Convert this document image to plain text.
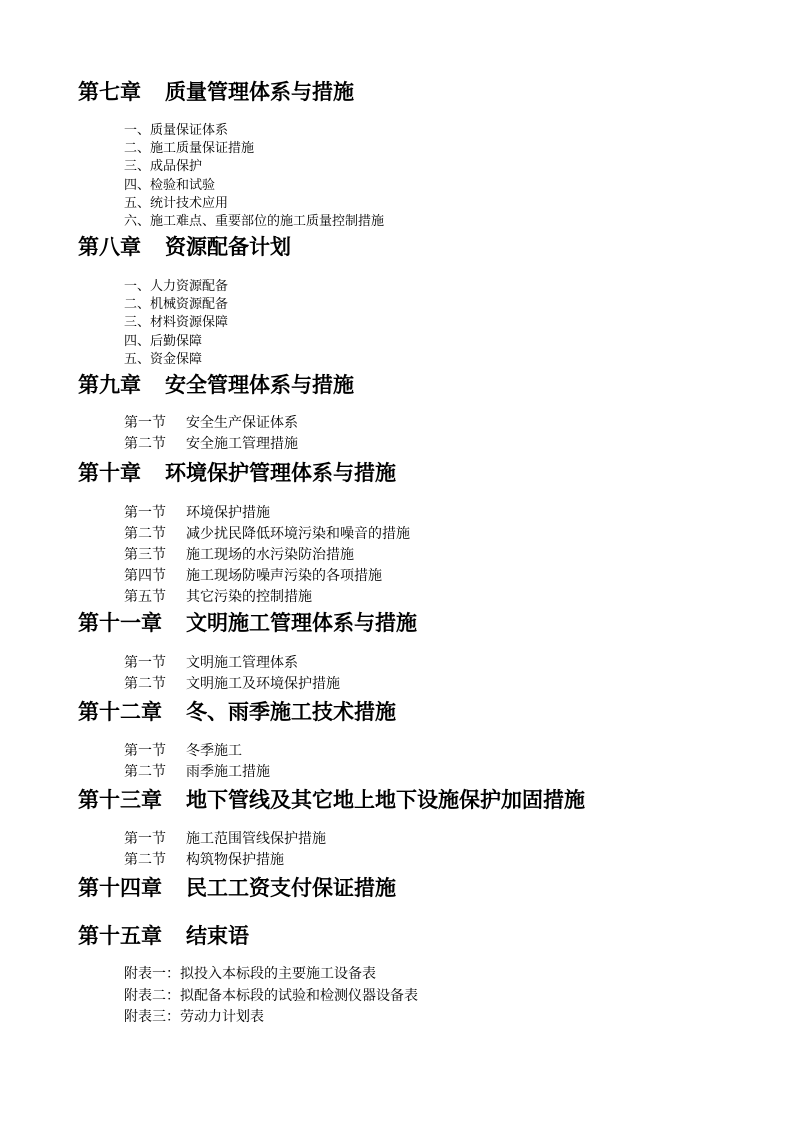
第七章 质量管理体系与措施
一、质量保证体系
二、施工质量保证措施
三、成品保护
四、检验和试验
五、统计技术应用
六、施工难点、重要部位的施工质量控制措施
第八章 资源配备计划
一、人力资源配备
二、机械资源配备
三、材料资源保障
四、后勤保障
五、资金保障
第九章 安全管理体系与措施
第一节 安全生产保证体系
第二节 安全施工管理措施
第十章 环境保护管理体系与措施
第一节 环境保护措施
第二节 减少扰民降低环境污染和噪音的措施
第三节 施工现场的水污染防治措施
第四节 施工现场防噪声污染的各项措施
第五节 其它污染的控制措施
第十一章 文明施工管理体系与措施
第一节 文明施工管理体系
第二节 文明施工及环境保护措施
第十二章 冬、雨季施工技术措施
第一节 冬季施工
第二节 雨季施工措施
第十三章 地下管线及其它地上地下设施保护加固措施
第一节 施工范围管线保护措施
第二节 构筑物保护措施
第十四章 民工工资支付保证措施
第十五章 结束语
附表一：拟投入本标段的主要施工设备表
附表二：拟配备本标段的试验和检测仪器设备表
附表三：劳动力计划表
